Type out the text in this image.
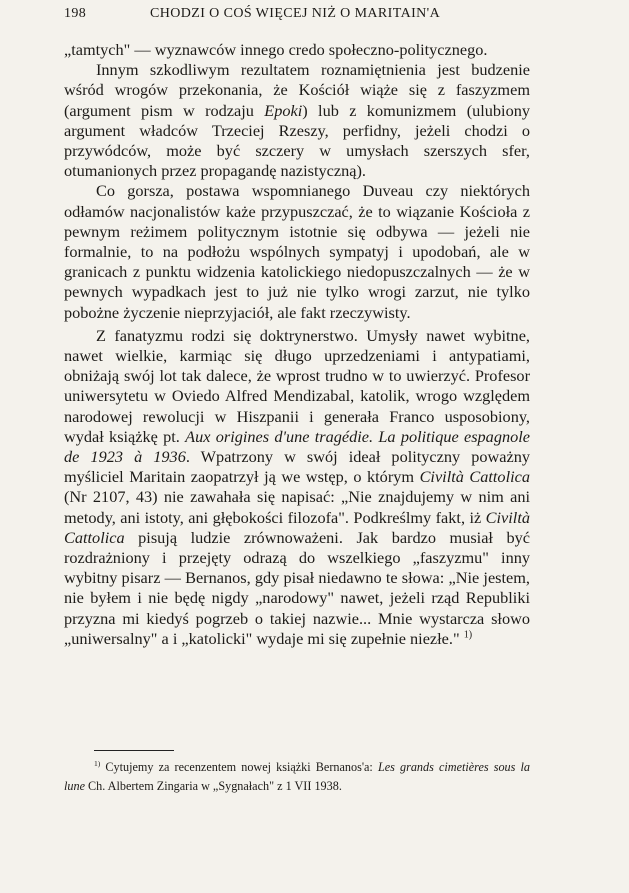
198	CHODZI O COŚ WIĘCEJ NIŻ O MARITAIN'A

„tamtych" — wyznawców innego credo społeczno-politycznego.

Innym szkodliwym rezultatem roznamiętnienia jest budzenie wśród wrogów przekonania, że Kościół wiąże się z faszyzmem (argument pism w rodzaju Epoki) lub z komunizmem (ulubiony argument władców Trzeciej Rzeszy, perfidny, jeżeli chodzi o przywódców, może być szczery w umysłach szerszych sfer, otumanionych przez propagandę nazistyczną).

Co gorsza, postawa wspomnianego Duveau czy niektórych odłamów nacjonalistów każe przypuszczać, że to wiązanie Kościoła z pewnym reżimem politycznym istotnie się odbywa — jeżeli nie formalnie, to na podłożu wspólnych sympatyj i upodobań, ale w granicach z punktu widzenia katolickiego niedopuszczalnych — że w pewnych wypadkach jest to już nie tylko wrogi zarzut, nie tylko pobożne życzenie nieprzyjaciół, ale fakt rzeczywisty.

Z fanatyzmu rodzi się doktrynerstwo. Umysły nawet wybitne, nawet wielkie, karmiąc się długo uprzedzeniami i antypatiami, obniżają swój lot tak dalece, że wprost trudno w to uwierzyć. Profesor uniwersytetu w Oviedo Alfred Mendizabal, katolik, wrogo względem narodowej rewolucji w Hiszpanii i generała Franco usposobiony, wydał książkę pt. Aux origines d'une tragédie. La politique espagnole de 1923 à 1936. Wpatrzony w swój ideał polityczny poważny myśliciel Maritain zaopatrzył ją we wstęp, o którym Civiltà Cattolica (Nr 2107, 43) nie zawahała się napisać: „Nie znajdujemy w nim ani metody, ani istoty, ani głębokości filozofa". Podkreślmy fakt, iż Civiltà Cattolica pisują ludzie zrównoważeni. Jak bardzo musiał być rozdrażniony i przejęty odrazą do wszelkiego „faszyzmu" inny wybitny pisarz — Bernanos, gdy pisał niedawno te słowa: „Nie jestem, nie byłem i nie będę nigdy „narodowy" nawet, jeżeli rząd Republiki przyzna mi kiedyś pogrzeb o takiej nazwie... Mnie wystarcza słowo „uniwersalny" a i „katolicki" wydaje mi się zupełnie niezłe." $^{1)}$

$^{1)}$ Cytujemy za recenzentem nowej książki Bernanos'a: Les grands cimetières sous la lune Ch. Albertem Zingaria w „Sygnałach" z 1 VII 1938.
